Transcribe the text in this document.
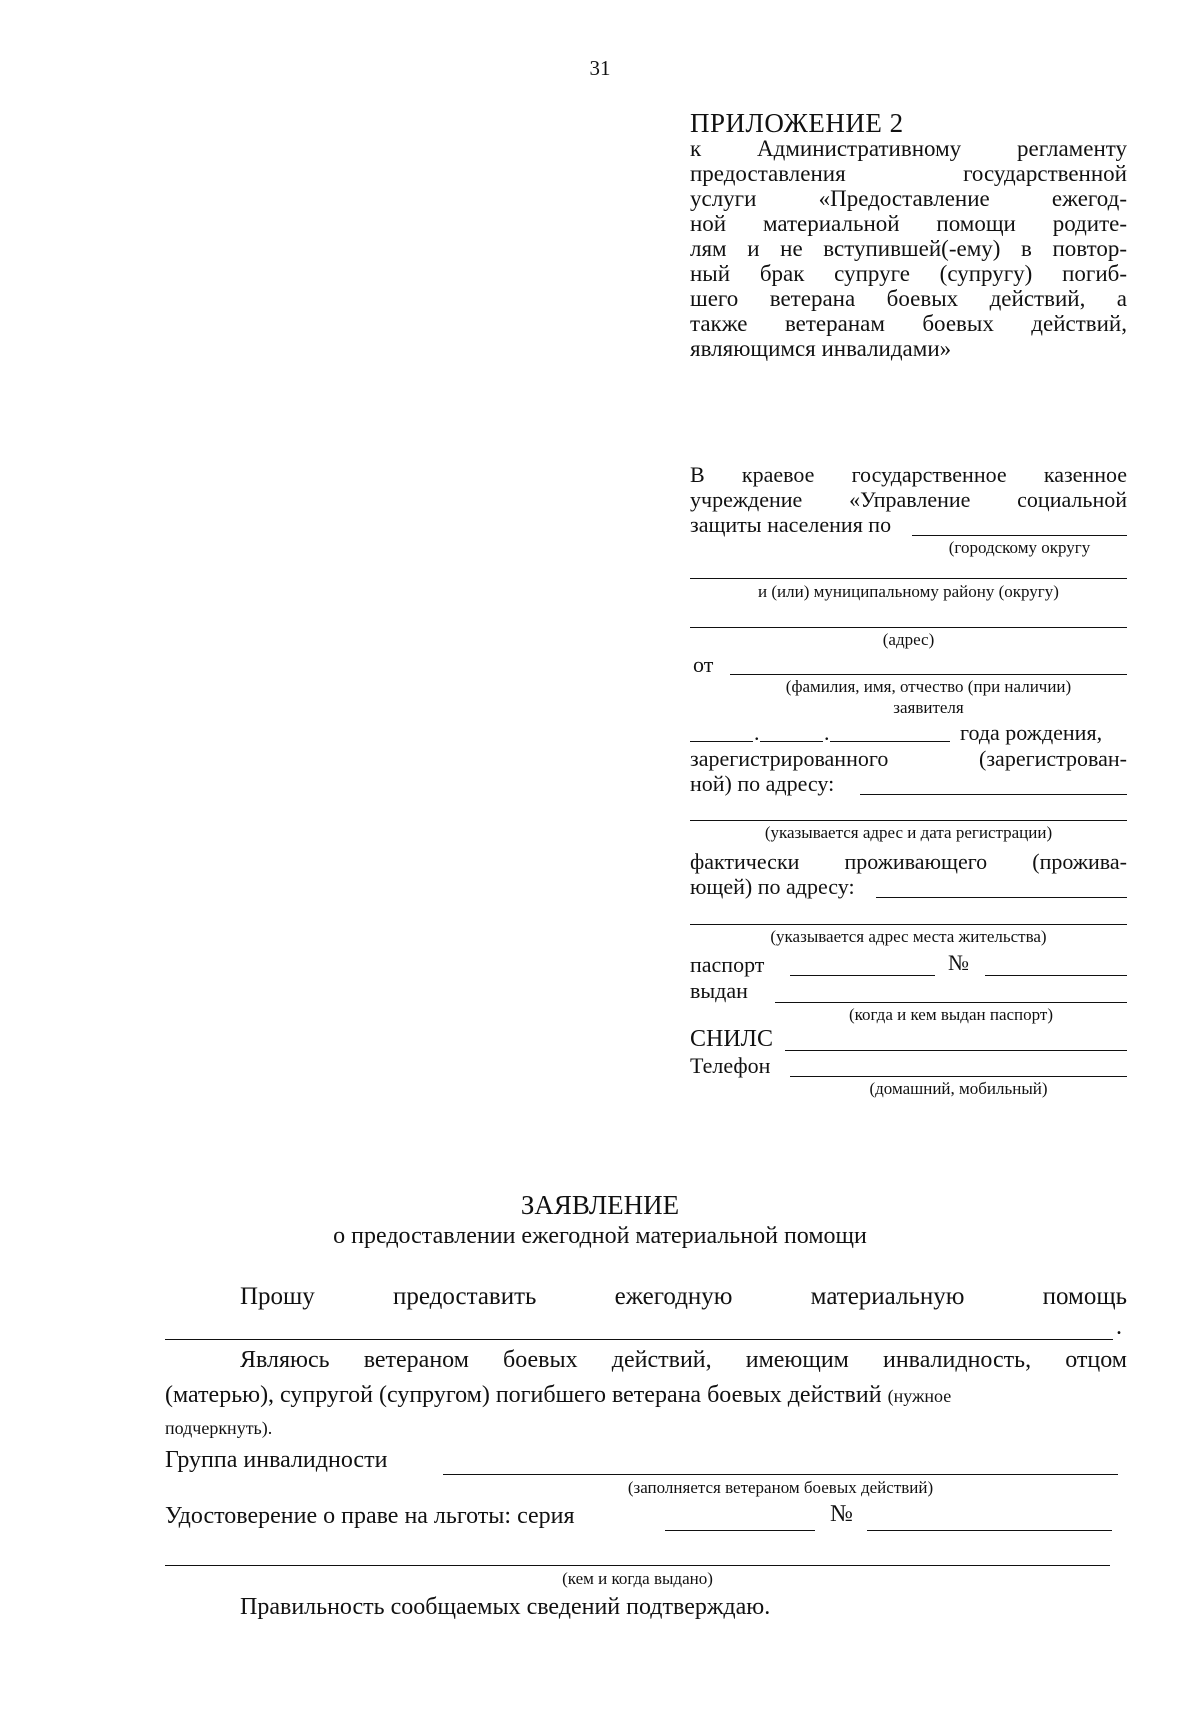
31
ПРИЛОЖЕНИЕ 2
к Административному регламенту
предоставления государственной
услуги «Предоставление ежегод-
ной материальной помощи родите-
лям и не вступившей(-ему) в повтор-
ный брак супруге (супругу) погиб-
шего ветерана боевых действий, а
также ветеранам боевых действий,
являющимся инвалидами»
В краевое государственное казенное
учреждение «Управление социальной
защиты населения по
(городскому округу
и (или) муниципальному району (округу)
(адрес)
от
(фамилия, имя, отчество (при наличии)
заявителя
.	.	года рождения,
зарегистрированного (зарегистрован-
ной) по адресу:
(указывается адрес и дата регистрации)
фактически проживающего (прожива-
ющей) по адресу:
(указывается адрес места жительства)
паспорт	№
выдан
(когда и кем выдан паспорт)
СНИЛС
Телефон
(домашний, мобильный)
ЗАЯВЛЕНИЕ
о предоставлении ежегодной материальной помощи
Прошу	предоставить	ежегодную	материальную	помощь
.
Являюсь ветераном боевых действий, имеющим инвалидность, отцом
(матерью), супругой (супругом) погибшего ветерана боевых действий (нужное
подчеркнуть).
Группа инвалидности
(заполняется ветераном боевых действий)
Удостоверение о праве на льготы: серия	№
(кем и когда выдано)
Правильность сообщаемых сведений подтверждаю.
